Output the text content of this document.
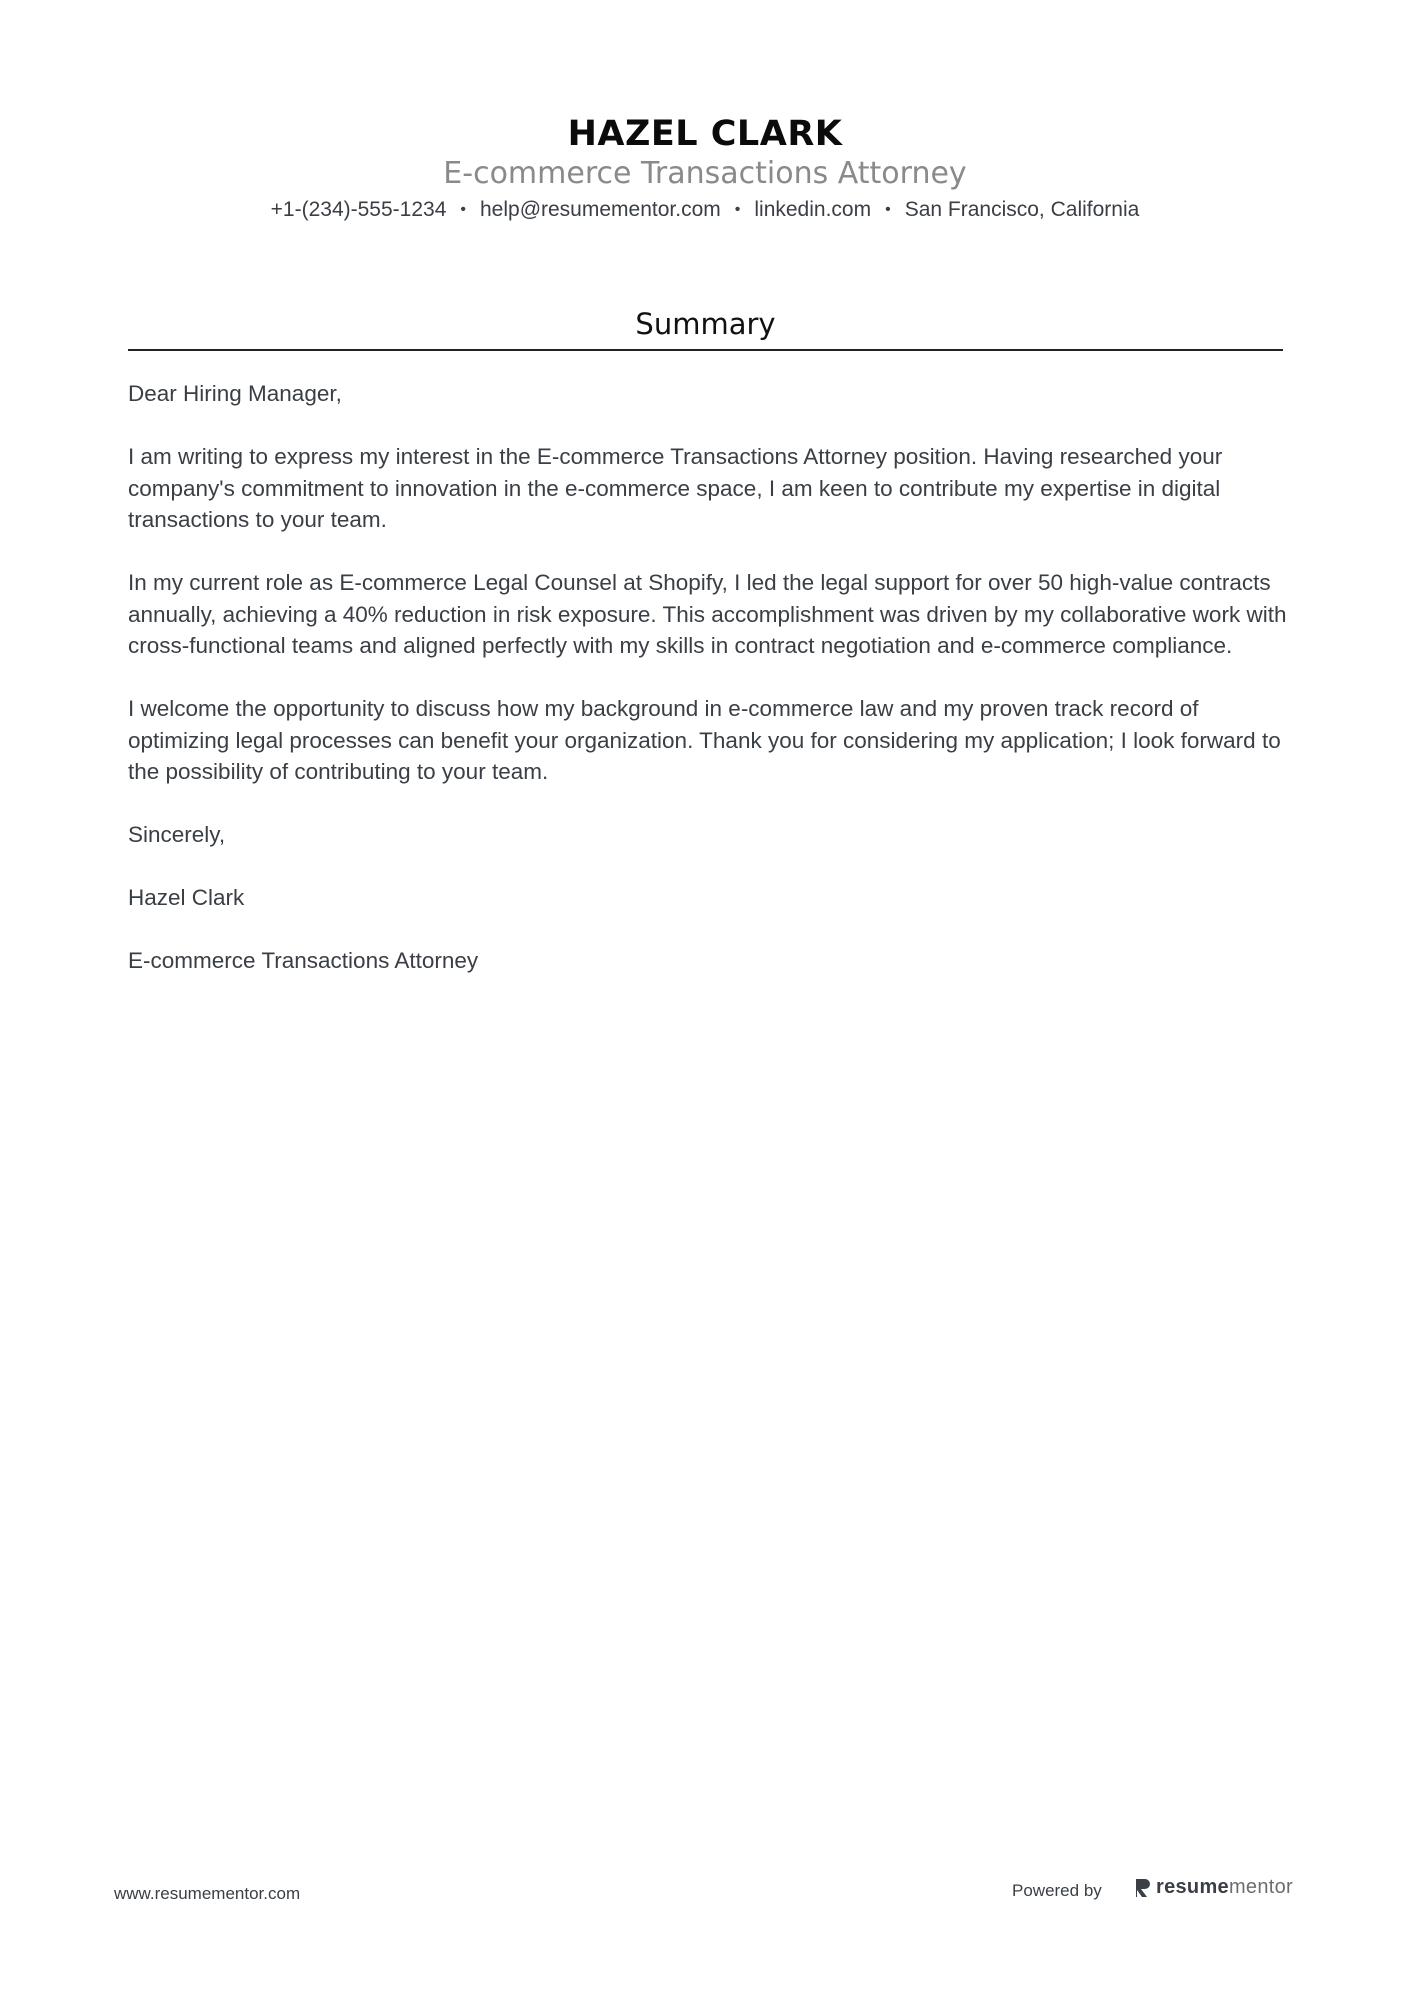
HAZEL CLARK
E-commerce Transactions Attorney
+1-(234)-555-1234 • help@resumementor.com • linkedin.com • San Francisco, California
Summary

Dear Hiring Manager,

I am writing to express my interest in the E-commerce Transactions Attorney position. Having researched your company's commitment to innovation in the e-commerce space, I am keen to contribute my expertise in digital transactions to your team.

In my current role as E-commerce Legal Counsel at Shopify, I led the legal support for over 50 high-value contracts annually, achieving a 40% reduction in risk exposure. This accomplishment was driven by my collaborative work with cross-functional teams and aligned perfectly with my skills in contract negotiation and e-commerce compliance.

I welcome the opportunity to discuss how my background in e-commerce law and my proven track record of optimizing legal processes can benefit your organization. Thank you for considering my application; I look forward to the possibility of contributing to your team.

Sincerely,

Hazel Clark

E-commerce Transactions Attorney

www.resumementor.com	Powered by	resumementor
